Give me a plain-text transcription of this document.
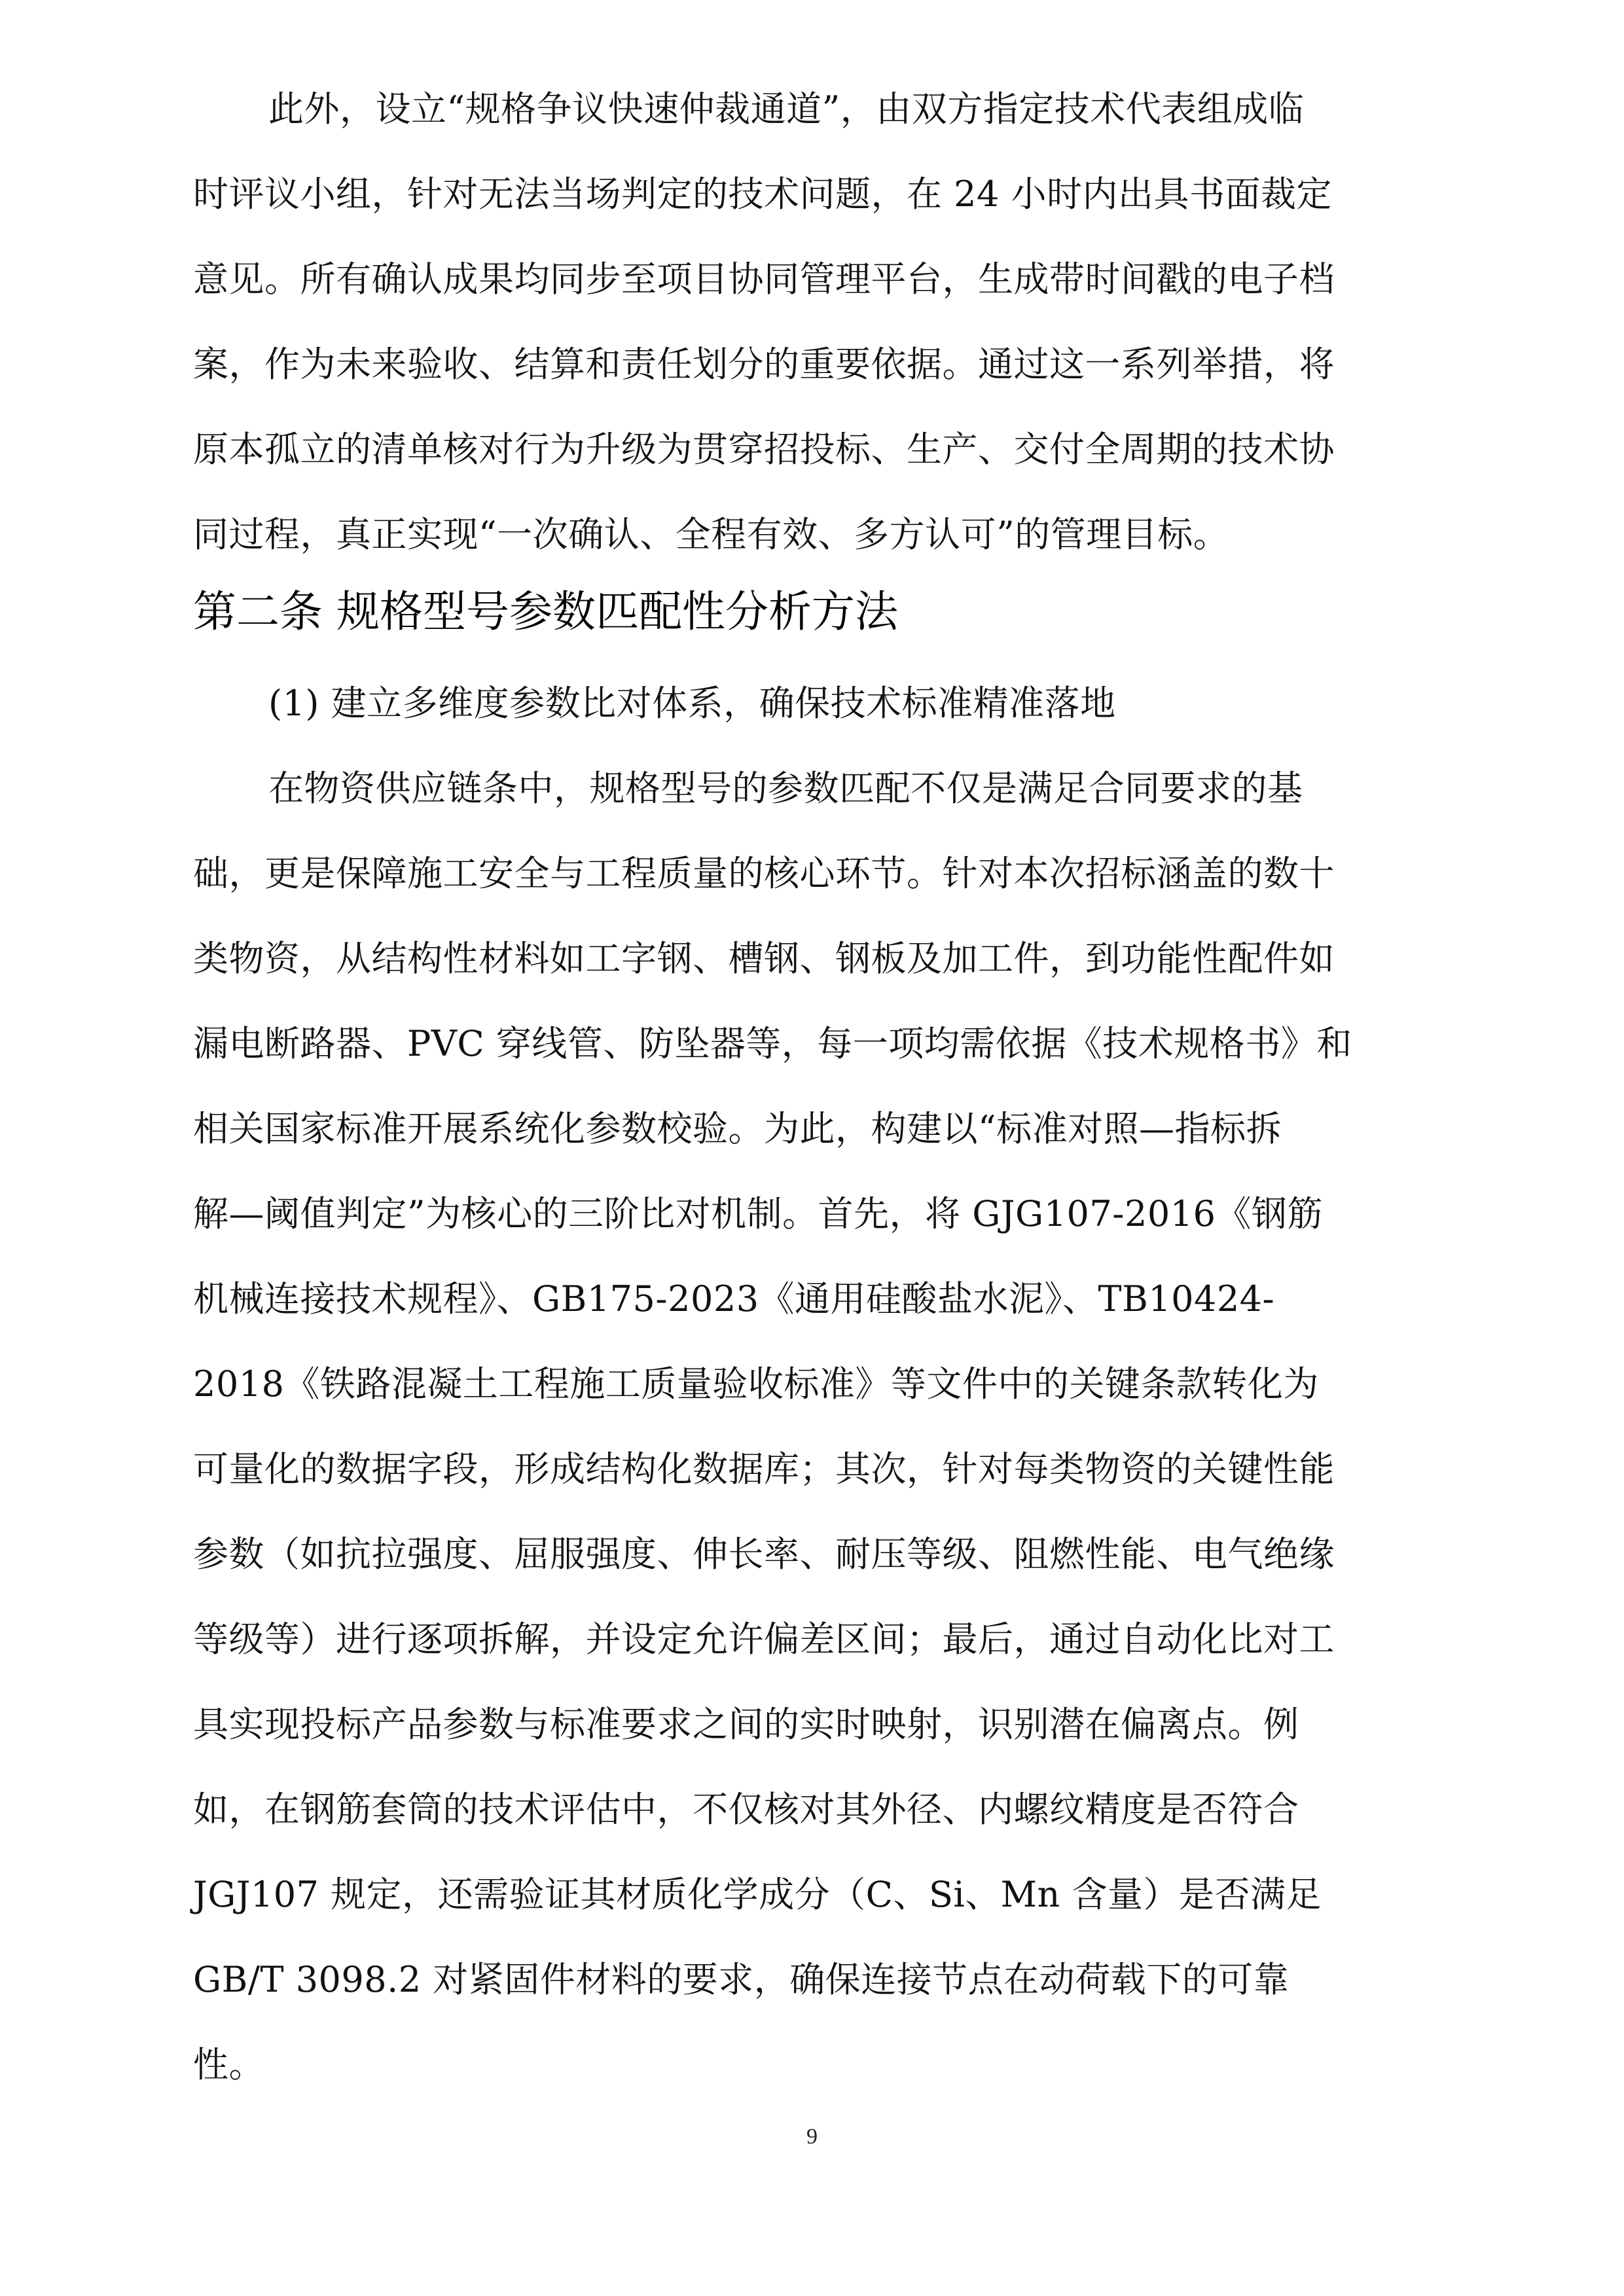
此外，设立“规格争议快速仲裁通道”，由双方指定技术代表组成临
时评议小组，针对无法当场判定的技术问题，在 24 小时内出具书面裁定
意见。所有确认成果均同步至项目协同管理平台，生成带时间戳的电子档
案，作为未来验收、结算和责任划分的重要依据。通过这一系列举措，将
原本孤立的清单核对行为升级为贯穿招投标、生产、交付全周期的技术协
同过程，真正实现“一次确认、全程有效、多方认可”的管理目标。
第二条 规格型号参数匹配性分析方法
(1) 建立多维度参数比对体系，确保技术标准精准落地
在物资供应链条中，规格型号的参数匹配不仅是满足合同要求的基
础，更是保障施工安全与工程质量的核心环节。针对本次招标涵盖的数十
类物资，从结构性材料如工字钢、槽钢、钢板及加工件，到功能性配件如
漏电断路器、PVC 穿线管、防坠器等，每一项均需依据《技术规格书》和
相关国家标准开展系统化参数校验。为此，构建以“标准对照—指标拆
解—阈值判定”为核心的三阶比对机制。首先，将 GJG107-2016《钢筋
机械连接技术规程》、GB175-2023《通用硅酸盐水泥》、TB10424-
2018《铁路混凝土工程施工质量验收标准》等文件中的关键条款转化为
可量化的数据字段，形成结构化数据库；其次，针对每类物资的关键性能
参数（如抗拉强度、屈服强度、伸长率、耐压等级、阻燃性能、电气绝缘
等级等）进行逐项拆解，并设定允许偏差区间；最后，通过自动化比对工
具实现投标产品参数与标准要求之间的实时映射，识别潜在偏离点。例
如，在钢筋套筒的技术评估中，不仅核对其外径、内螺纹精度是否符合
JGJ107 规定，还需验证其材质化学成分（C、Si、Mn 含量）是否满足
GB/T 3098.2 对紧固件材料的要求，确保连接节点在动荷载下的可靠
性。
9
